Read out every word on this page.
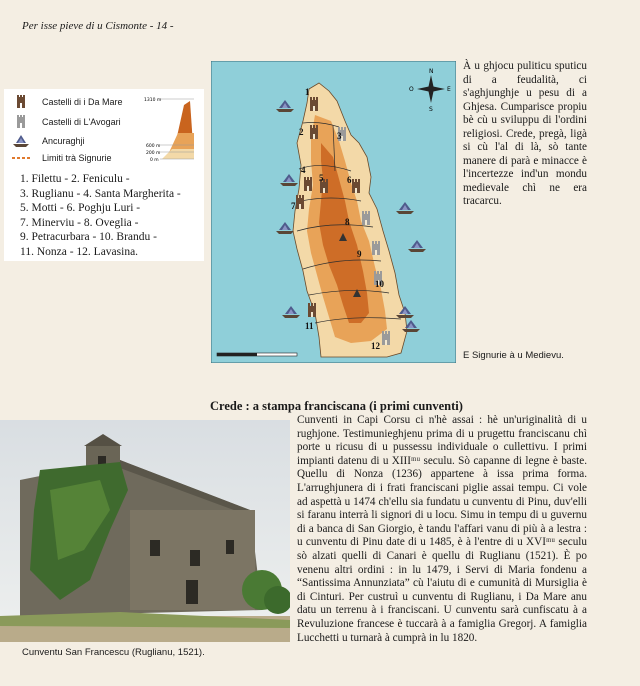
Per isse pieve di u Cismonte - 14 -
Castelli di i Da Mare
Castelli di L'Avogari
Ancuraghji
Limiti trà Signurie
1310 m
600 m
200 m
0 m
1. Filettu - 2. Feniculu -
3. Ruglianu - 4. Santa Margherita -
5. Motti - 6. Poghju Luri -
7. Minerviu - 8. Oveglia -
9. Petracurbara - 10. Brandu -
11. Nonza - 12. Lavasina.
1
2	3
4
5	6
7
8
9
10
11
12
N
S
E
O
À u ghjocu puliticu sputicu di a feudalità, ci s'aghjunghje u pesu di a Ghjesa. Cumparisce propiu bè cù u sviluppu di l'ordini religiosi. Crede, pregà, ligà si cù l'al di là, sò tante manere di parà e minacce è l'incertezze ind'un mondu medievale chì ne era tracarcu.
E Signurie à u Medievu.
Crede : a stampa franciscana (i primi cunventi)
Cunventu San Francescu (Ruglianu, 1521).

Cunventi in Capi Corsu ci n'hè assai : hè un'uriginalità di u rughjone. Testimunieghjenu prima di u prugettu franciscanu chì porte u ricusu di u pussessu individuale o cullettivu. I primi impianti datenu di u XIIIᵐᵘ seculu. Sò capanne di legne è baste. Quellu di Nonza (1236) appartene à issa prima forma. L'arrughjunera di i frati franciscani piglie assai tempu. Ci vole ad aspettà u 1474 ch'ellu sia fundatu u cunventu di Pinu, duv'elli si faranu interrà li signori di u locu. Simu in tempu di u guvernu di a banca di San Giorgio, è tandu l'affari vanu di più à a lestra : u cunventu di Pinu date di u 1485, è à l'entre di u XVIᵐᵘ seculu sò alzati quelli di Canari è quellu di Ruglianu (1521). È po venenu altri ordini : in lu 1479, i Servi di Maria fondenu a “Santissima Annunziata” cù l'aiutu di e cumunità di Mursiglia è di Cinturi. Per custruì u cunventu di Ruglianu, i Da Mare anu datu un terrenu à i franciscani. U cunventu sarà cunfiscatu à a Revuluzione francese è tuccarà à a famiglia Gregorj. A famiglia Lucchetti u turnarà à cumprà in lu 1820.
